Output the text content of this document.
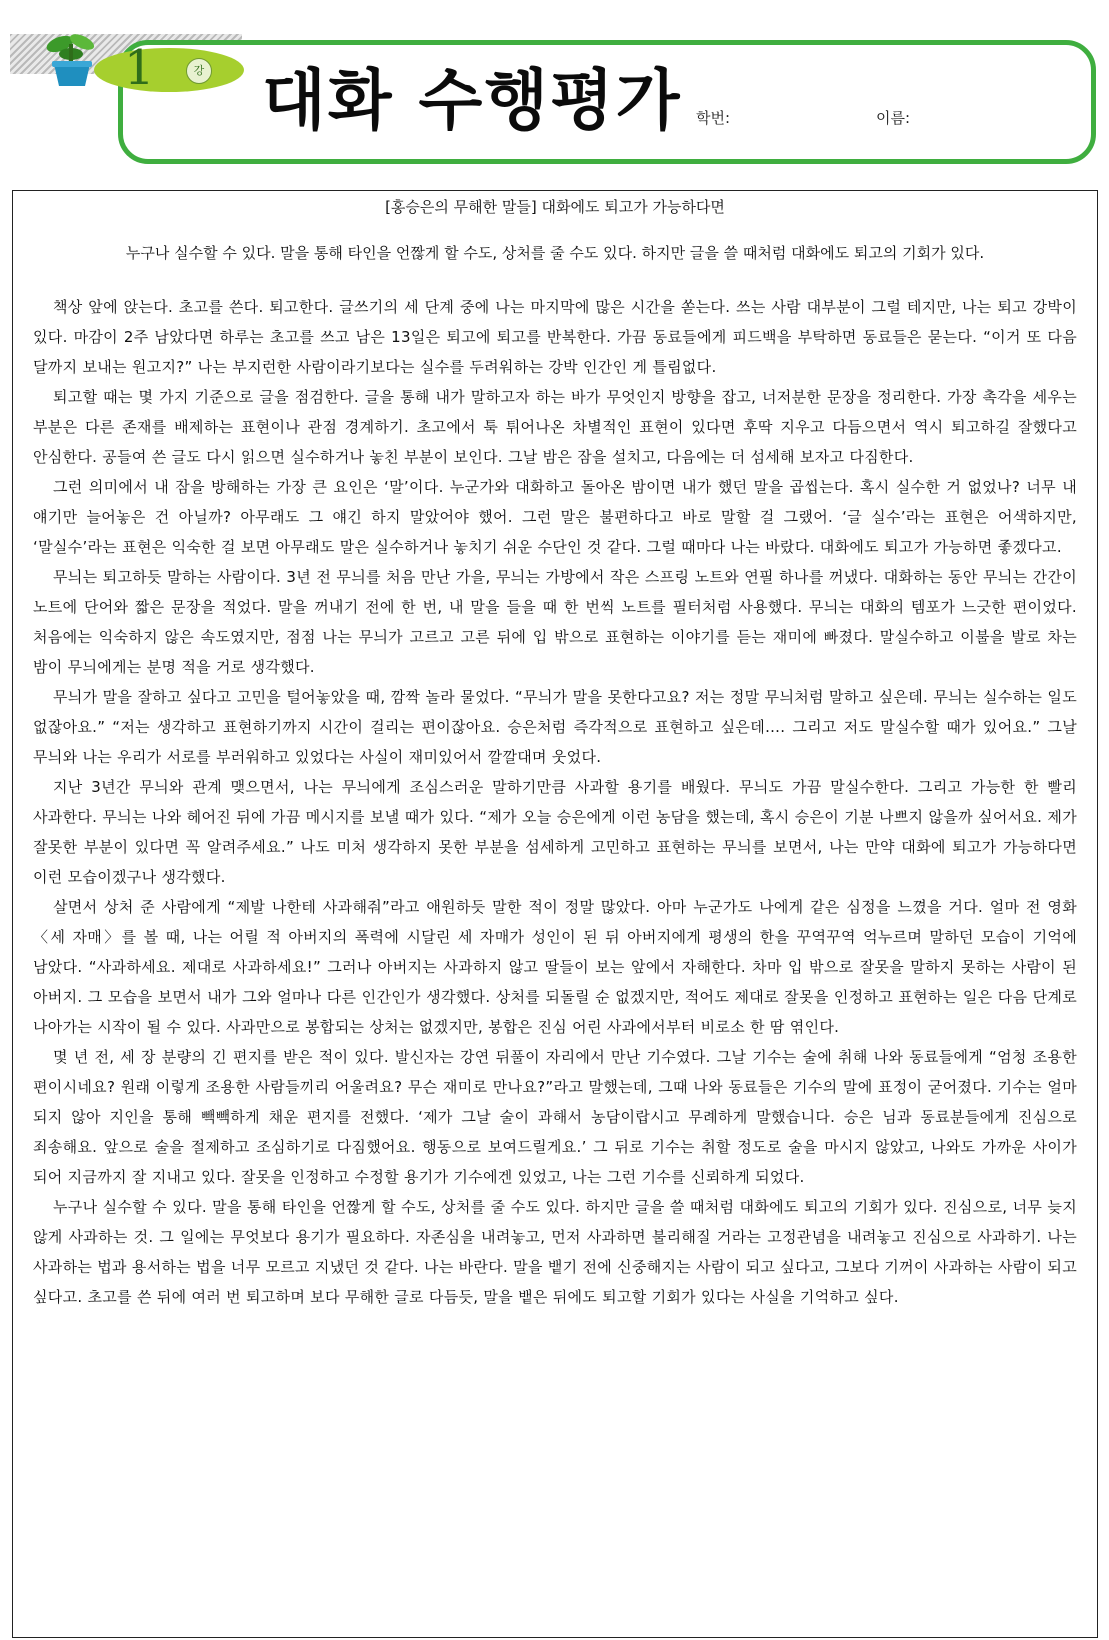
1	강 대화 수행평가 학번:	이름:

[홍승은의 무해한 말들] 대화에도 퇴고가 가능하다면

누구나 실수할 수 있다. 말을 통해 타인을 언짢게 할 수도, 상처를 줄 수도 있다. 하지만 글을 쓸 때처럼 대화에도 퇴고의 기회가 있다.

책상 앞에 앉는다. 초고를 쓴다. 퇴고한다. 글쓰기의 세 단계 중에 나는 마지막에 많은 시간을 쏟는다. 쓰는 사람 대부분이 그럴 테지만, 나는 퇴고 강박이 있다. 마감이 2주 남았다면 하루는 초고를 쓰고 남은 13일은 퇴고에 퇴고를 반복한다. 가끔 동료들에게 피드백을 부탁하면 동료들은 묻는다. “이거 또 다음 달까지 보내는 원고지?” 나는 부지런한 사람이라기보다는 실수를 두려워하는 강박 인간인 게 틀림없다.

퇴고할 때는 몇 가지 기준으로 글을 점검한다. 글을 통해 내가 말하고자 하는 바가 무엇인지 방향을 잡고, 너저분한 문장을 정리한다. 가장 촉각을 세우는 부분은 다른 존재를 배제하는 표현이나 관점 경계하기. 초고에서 툭 튀어나온 차별적인 표현이 있다면 후딱 지우고 다듬으면서 역시 퇴고하길 잘했다고 안심한다. 공들여 쓴 글도 다시 읽으면 실수하거나 놓친 부분이 보인다. 그날 밤은 잠을 설치고, 다음에는 더 섬세해 보자고 다짐한다.

그런 의미에서 내 잠을 방해하는 가장 큰 요인은 ‘말’이다. 누군가와 대화하고 돌아온 밤이면 내가 했던 말을 곱씹는다. 혹시 실수한 거 없었나? 너무 내 얘기만 늘어놓은 건 아닐까? 아무래도 그 얘긴 하지 말았어야 했어. 그런 말은 불편하다고 바로 말할 걸 그랬어. ‘글 실수’라는 표현은 어색하지만, ‘말실수’라는 표현은 익숙한 걸 보면 아무래도 말은 실수하거나 놓치기 쉬운 수단인 것 같다. 그럴 때마다 나는 바랐다. 대화에도 퇴고가 가능하면 좋겠다고.

무늬는 퇴고하듯 말하는 사람이다. 3년 전 무늬를 처음 만난 가을, 무늬는 가방에서 작은 스프링 노트와 연필 하나를 꺼냈다. 대화하는 동안 무늬는 간간이 노트에 단어와 짧은 문장을 적었다. 말을 꺼내기 전에 한 번, 내 말을 들을 때 한 번씩 노트를 필터처럼 사용했다. 무늬는 대화의 템포가 느긋한 편이었다. 처음에는 익숙하지 않은 속도였지만, 점점 나는 무늬가 고르고 고른 뒤에 입 밖으로 표현하는 이야기를 듣는 재미에 빠졌다. 말실수하고 이불을 발로 차는 밤이 무늬에게는 분명 적을 거로 생각했다.

무늬가 말을 잘하고 싶다고 고민을 털어놓았을 때, 깜짝 놀라 물었다. “무늬가 말을 못한다고요? 저는 정말 무늬처럼 말하고 싶은데. 무늬는 실수하는 일도 없잖아요.” “저는 생각하고 표현하기까지 시간이 걸리는 편이잖아요. 승은처럼 즉각적으로 표현하고 싶은데…. 그리고 저도 말실수할 때가 있어요.” 그날 무늬와 나는 우리가 서로를 부러워하고 있었다는 사실이 재미있어서 깔깔대며 웃었다.

지난 3년간 무늬와 관계 맺으면서, 나는 무늬에게 조심스러운 말하기만큼 사과할 용기를 배웠다. 무늬도 가끔 말실수한다. 그리고 가능한 한 빨리 사과한다. 무늬는 나와 헤어진 뒤에 가끔 메시지를 보낼 때가 있다. “제가 오늘 승은에게 이런 농담을 했는데, 혹시 승은이 기분 나쁘지 않을까 싶어서요. 제가 잘못한 부분이 있다면 꼭 알려주세요.” 나도 미처 생각하지 못한 부분을 섬세하게 고민하고 표현하는 무늬를 보면서, 나는 만약 대화에 퇴고가 가능하다면 이런 모습이겠구나 생각했다.

살면서 상처 준 사람에게 “제발 나한테 사과해줘”라고 애원하듯 말한 적이 정말 많았다. 아마 누군가도 나에게 같은 심정을 느꼈을 거다. 얼마 전 영화 〈세 자매〉를 볼 때, 나는 어릴 적 아버지의 폭력에 시달린 세 자매가 성인이 된 뒤 아버지에게 평생의 한을 꾸역꾸역 억누르며 말하던 모습이 기억에 남았다. “사과하세요. 제대로 사과하세요!” 그러나 아버지는 사과하지 않고 딸들이 보는 앞에서 자해한다. 차마 입 밖으로 잘못을 말하지 못하는 사람이 된 아버지. 그 모습을 보면서 내가 그와 얼마나 다른 인간인가 생각했다. 상처를 되돌릴 순 없겠지만, 적어도 제대로 잘못을 인정하고 표현하는 일은 다음 단계로 나아가는 시작이 될 수 있다. 사과만으로 봉합되는 상처는 없겠지만, 봉합은 진심 어린 사과에서부터 비로소 한 땀 엮인다.

몇 년 전, 세 장 분량의 긴 편지를 받은 적이 있다. 발신자는 강연 뒤풀이 자리에서 만난 기수였다. 그날 기수는 술에 취해 나와 동료들에게 “엄청 조용한 편이시네요? 원래 이렇게 조용한 사람들끼리 어울려요? 무슨 재미로 만나요?”라고 말했는데, 그때 나와 동료들은 기수의 말에 표정이 굳어졌다. 기수는 얼마 되지 않아 지인을 통해 빽빽하게 채운 편지를 전했다. ‘제가 그날 술이 과해서 농담이랍시고 무례하게 말했습니다. 승은 님과 동료분들에게 진심으로 죄송해요. 앞으로 술을 절제하고 조심하기로 다짐했어요. 행동으로 보여드릴게요.’ 그 뒤로 기수는 취할 정도로 술을 마시지 않았고, 나와도 가까운 사이가 되어 지금까지 잘 지내고 있다. 잘못을 인정하고 수정할 용기가 기수에겐 있었고, 나는 그런 기수를 신뢰하게 되었다.

누구나 실수할 수 있다. 말을 통해 타인을 언짢게 할 수도, 상처를 줄 수도 있다. 하지만 글을 쓸 때처럼 대화에도 퇴고의 기회가 있다. 진심으로, 너무 늦지 않게 사과하는 것. 그 일에는 무엇보다 용기가 필요하다. 자존심을 내려놓고, 먼저 사과하면 불리해질 거라는 고정관념을 내려놓고 진심으로 사과하기. 나는 사과하는 법과 용서하는 법을 너무 모르고 지냈던 것 같다. 나는 바란다. 말을 뱉기 전에 신중해지는 사람이 되고 싶다고, 그보다 기꺼이 사과하는 사람이 되고 싶다고. 초고를 쓴 뒤에 여러 번 퇴고하며 보다 무해한 글로 다듬듯, 말을 뱉은 뒤에도 퇴고할 기회가 있다는 사실을 기억하고 싶다.
